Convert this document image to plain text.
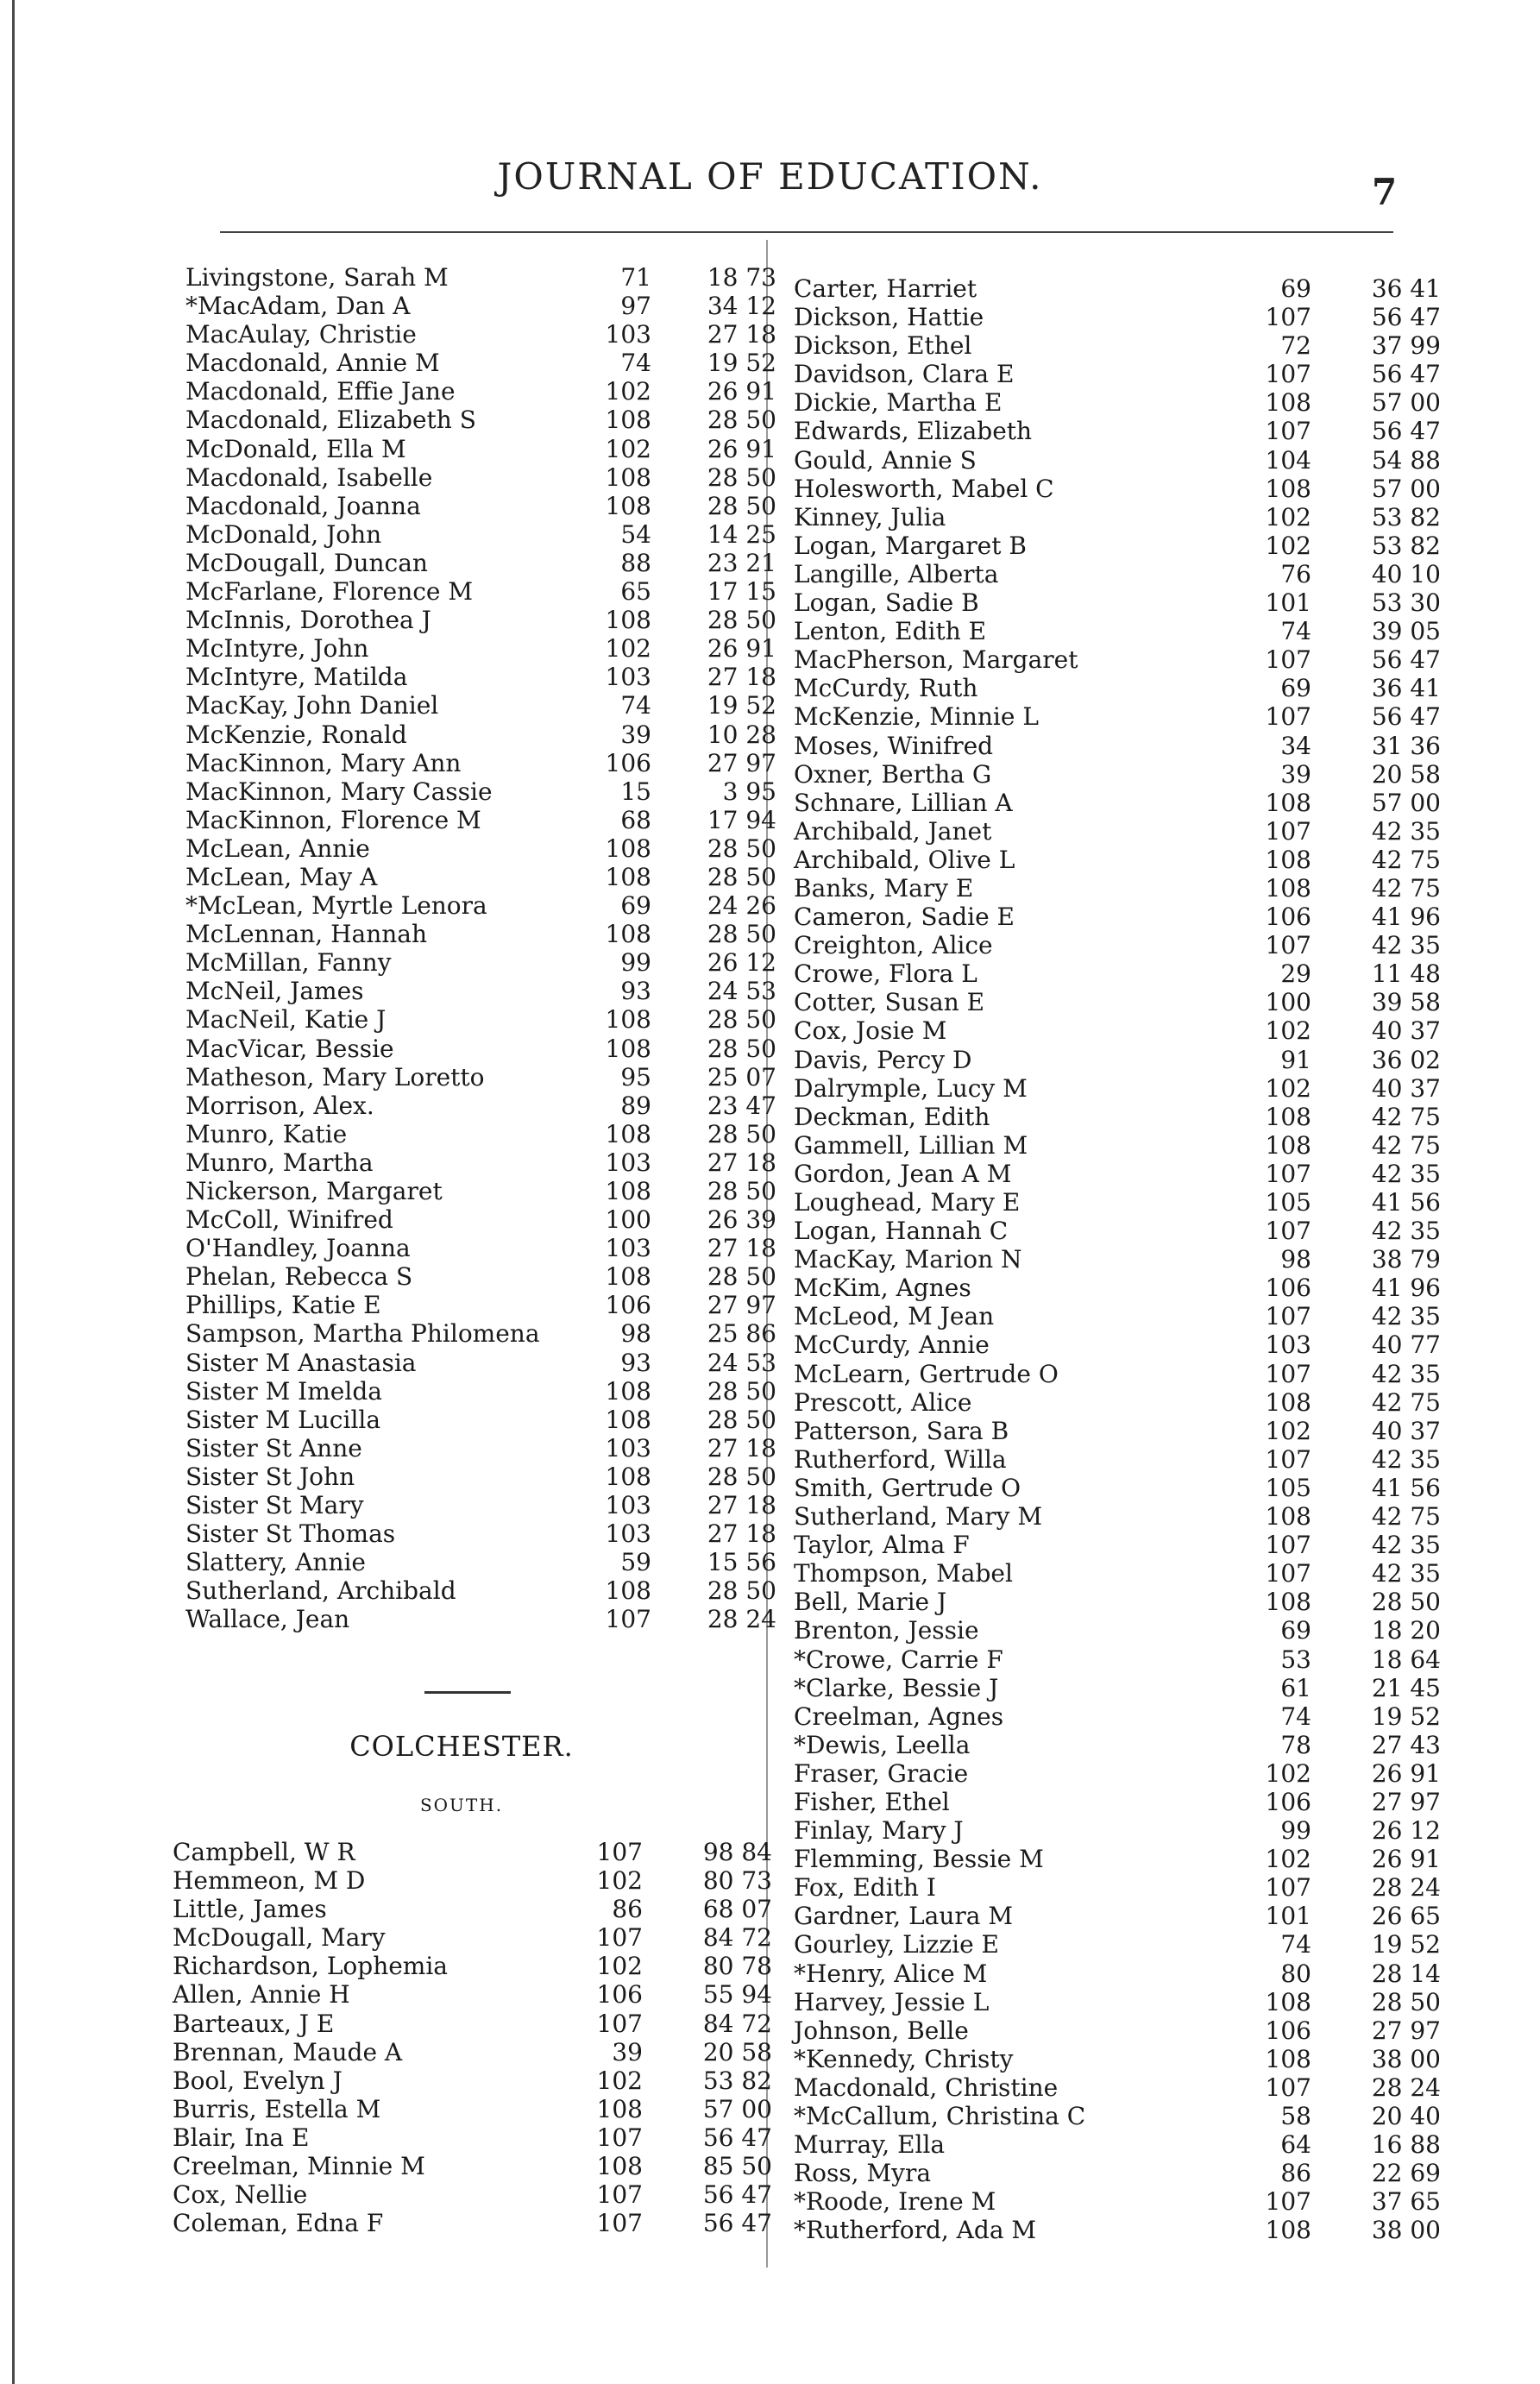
JOURNAL OF EDUCATION.	7
Livingstone, Sarah M	71	18 73
*MacAdam, Dan A	97	34 12
MacAulay, Christie	103	27 18
Macdonald, Annie M	74	19 52
Macdonald, Effie Jane	102	26 91
Macdonald, Elizabeth S	108	28 50
McDonald, Ella M	102	26 91
Macdonald, Isabelle	108	28 50
Macdonald, Joanna	108	28 50
McDonald, John	54	14 25
McDougall, Duncan	88	23 21
McFarlane, Florence M	65	17 15
McInnis, Dorothea J	108	28 50
McIntyre, John	102	26 91
McIntyre, Matilda	103	27 18
MacKay, John Daniel	74	19 52
McKenzie, Ronald	39	10 28
MacKinnon, Mary Ann	106	27 97
MacKinnon, Mary Cassie	15	3 95
MacKinnon, Florence M	68	17 94
McLean, Annie	108	28 50
McLean, May A	108	28 50
*McLean, Myrtle Lenora	69	24 26
McLennan, Hannah	108	28 50
McMillan, Fanny	99	26 12
McNeil, James	93	24 53
MacNeil, Katie J	108	28 50
MacVicar, Bessie	108	28 50
Matheson, Mary Loretto	95	25 07
Morrison, Alex.	89	23 47
Munro, Katie	108	28 50
Munro, Martha	103	27 18
Nickerson, Margaret	108	28 50
McColl, Winifred	100	26 39
O'Handley, Joanna	103	27 18
Phelan, Rebecca S	108	28 50
Phillips, Katie E	106	27 97
Sampson, Martha Philomena	98	25 86
Sister M Anastasia	93	24 53
Sister M Imelda	108	28 50
Sister M Lucilla	108	28 50
Sister St Anne	103	27 18
Sister St John	108	28 50
Sister St Mary	103	27 18
Sister St Thomas	103	27 18
Slattery, Annie	59	15 56
Sutherland, Archibald	108	28 50
Wallace, Jean	107	28 24
COLCHESTER.
SOUTH.
Campbell, W R	107	98 84
Hemmeon, M D	102	80 73
Little, James	86	68 07
McDougall, Mary	107	84 72
Richardson, Lophemia	102	80 78
Allen, Annie H	106	55 94
Barteaux, J E	107	84 72
Brennan, Maude A	39	20 58
Bool, Evelyn J	102	53 82
Burris, Estella M	108	57 00
Blair, Ina E	107	56 47
Creelman, Minnie M	108	85 50
Cox, Nellie	107	56 47
Coleman, Edna F	107	56 47
Carter, Harriet	69	36 41
Dickson, Hattie	107	56 47
Dickson, Ethel	72	37 99
Davidson, Clara E	107	56 47
Dickie, Martha E	108	57 00
Edwards, Elizabeth	107	56 47
Gould, Annie S	104	54 88
Holesworth, Mabel C	108	57 00
Kinney, Julia	102	53 82
Logan, Margaret B	102	53 82
Langille, Alberta	76	40 10
Logan, Sadie B	101	53 30
Lenton, Edith E	74	39 05
MacPherson, Margaret	107	56 47
McCurdy, Ruth	69	36 41
McKenzie, Minnie L	107	56 47
Moses, Winifred	34	31 36
Oxner, Bertha G	39	20 58
Schnare, Lillian A	108	57 00
Archibald, Janet	107	42 35
Archibald, Olive L	108	42 75
Banks, Mary E	108	42 75
Cameron, Sadie E	106	41 96
Creighton, Alice	107	42 35
Crowe, Flora L	29	11 48
Cotter, Susan E	100	39 58
Cox, Josie M	102	40 37
Davis, Percy D	91	36 02
Dalrymple, Lucy M	102	40 37
Deckman, Edith	108	42 75
Gammell, Lillian M	108	42 75
Gordon, Jean A M	107	42 35
Loughead, Mary E	105	41 56
Logan, Hannah C	107	42 35
MacKay, Marion N	98	38 79
McKim, Agnes	106	41 96
McLeod, M Jean	107	42 35
McCurdy, Annie	103	40 77
McLearn, Gertrude O	107	42 35
Prescott, Alice	108	42 75
Patterson, Sara B	102	40 37
Rutherford, Willa	107	42 35
Smith, Gertrude O	105	41 56
Sutherland, Mary M	108	42 75
Taylor, Alma F	107	42 35
Thompson, Mabel	107	42 35
Bell, Marie J	108	28 50
Brenton, Jessie	69	18 20
*Crowe, Carrie F	53	18 64
*Clarke, Bessie J	61	21 45
Creelman, Agnes	74	19 52
*Dewis, Leella	78	27 43
Fraser, Gracie	102	26 91
Fisher, Ethel	106	27 97
Finlay, Mary J	99	26 12
Flemming, Bessie M	102	26 91
Fox, Edith I	107	28 24
Gardner, Laura M	101	26 65
Gourley, Lizzie E	74	19 52
*Henry, Alice M	80	28 14
Harvey, Jessie L	108	28 50
Johnson, Belle	106	27 97
*Kennedy, Christy	108	38 00
Macdonald, Christine	107	28 24
*McCallum, Christina C	58	20 40
Murray, Ella	64	16 88
Ross, Myra	86	22 69
*Roode, Irene M	107	37 65
*Rutherford, Ada M	108	38 00
